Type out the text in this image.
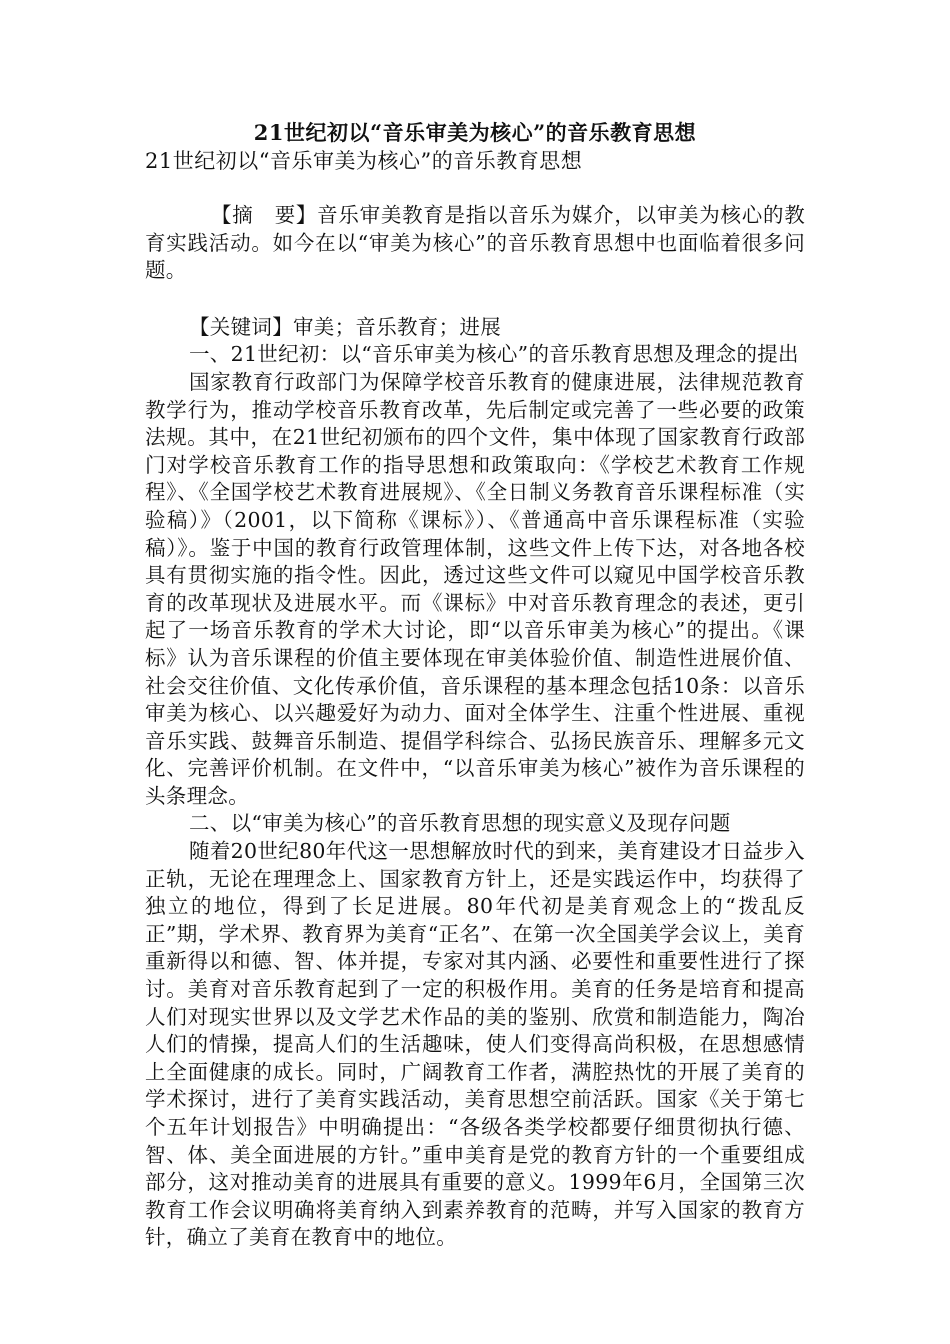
21世纪初以“音乐审美为核心”的音乐教育思想
21世纪初以“音乐审美为核心”的音乐教育思想

【摘　要】音乐审美教育是指以音乐为媒介，以审美为核心的教育实践活动。如今在以“审美为核心”的音乐教育思想中也面临着很多问题。

【关键词】审美；音乐教育；进展

一、21世纪初：以“音乐审美为核心”的音乐教育思想及理念的提出

国家教育行政部门为保障学校音乐教育的健康进展，法律规范教育教学行为，推动学校音乐教育改革，先后制定或完善了一些必要的政策法规。其中，在21世纪初颁布的四个文件，集中体现了国家教育行政部门对学校音乐教育工作的指导思想和政策取向：《学校艺术教育工作规程》、《全国学校艺术教育进展规》、《全日制义务教育音乐课程标准（实验稿）》（2001，以下简称《课标》）、《普通高中音乐课程标准（实验稿）》。鉴于中国的教育行政管理体制，这些文件上传下达，对各地各校具有贯彻实施的指令性。因此，透过这些文件可以窥见中国学校音乐教育的改革现状及进展水平。而《课标》中对音乐教育理念的表述，更引起了一场音乐教育的学术大讨论，即“以音乐审美为核心”的提出。《课标》认为音乐课程的价值主要体现在审美体验价值、制造性进展价值、社会交往价值、文化传承价值，音乐课程的基本理念包括10条：以音乐审美为核心、以兴趣爱好为动力、面对全体学生、注重个性进展、重视音乐实践、鼓舞音乐制造、提倡学科综合、弘扬民族音乐、理解多元文化、完善评价机制。在文件中，“以音乐审美为核心”被作为音乐课程的头条理念。

二、以“审美为核心”的音乐教育思想的现实意义及现存问题

随着20世纪80年代这一思想解放时代的到来，美育建设才日益步入正轨，无论在理理念上、国家教育方针上，还是实践运作中，均获得了独立的地位，得到了长足进展。80年代初是美育观念上的“拨乱反正”期，学术界、教育界为美育“正名”、在第一次全国美学会议上，美育重新得以和德、智、体并提，专家对其内涵、必要性和重要性进行了探讨。美育对音乐教育起到了一定的积极作用。美育的任务是培育和提高人们对现实世界以及文学艺术作品的美的鉴别、欣赏和制造能力，陶冶人们的情操，提高人们的生活趣味，使人们变得高尚积极，在思想感情上全面健康的成长。同时，广阔教育工作者，满腔热忱的开展了美育的学术探讨，进行了美育实践活动，美育思想空前活跃。国家《关于第七个五年计划报告》中明确提出：“各级各类学校都要仔细贯彻执行德、智、体、美全面进展的方针。”重申美育是党的教育方针的一个重要组成部分，这对推动美育的进展具有重要的意义。1999年6月，全国第三次教育工作会议明确将美育纳入到素养教育的范畴，并写入国家的教育方针，确立了美育在教育中的地位。
